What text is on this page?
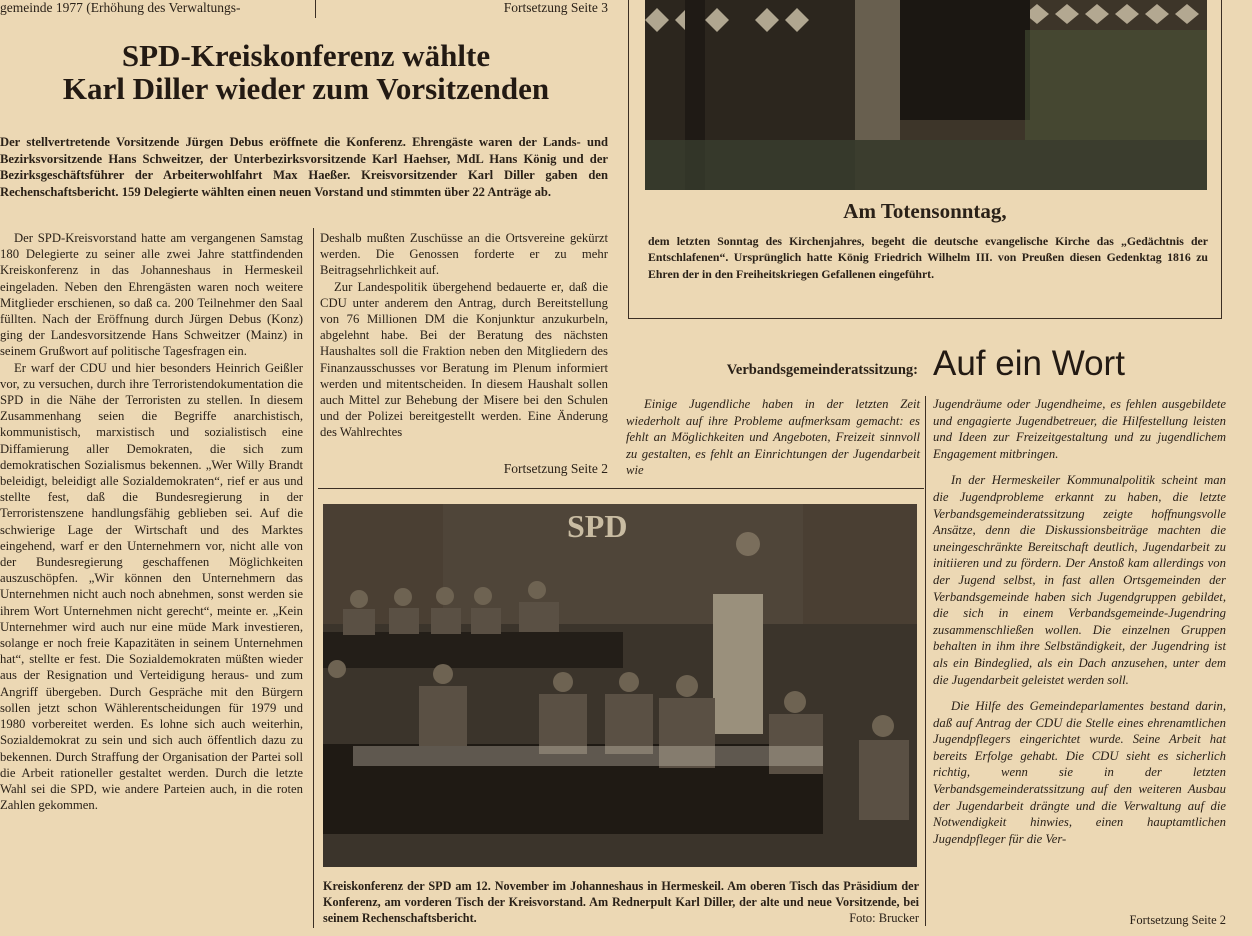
gemeinde 1977 (Erhöhung des Verwaltungs-	Fortsetzung Seite 3
SPD-Kreiskonferenz wählte
Karl Diller wieder zum Vorsitzenden
Der stellvertretende Vorsitzende Jürgen Debus eröffnete die Konferenz. Ehrengäste waren der Lands- und Bezirksvorsitzende Hans Schweitzer, der Unterbezirksvorsitzende Karl Haehser, MdL Hans König und der Bezirksgeschäftsführer der Arbeiterwohlfahrt Max Haeßer. Kreisvorsitzender Karl Diller gaben den Rechenschaftsbericht. 159 Delegierte wählten einen neuen Vorstand und stimmten über 22 Anträge ab.

Der SPD-Kreisvorstand hatte am vergangenen Samstag 180 Delegierte zu seiner alle zwei Jahre stattfindenden Kreiskonferenz in das Johanneshaus in Hermeskeil eingeladen. Neben den Ehrengästen waren noch weitere Mitglieder erschienen, so daß ca. 200 Teilnehmer den Saal füllten. Nach der Eröffnung durch Jürgen Debus (Konz) ging der Landesvorsitzende Hans Schweitzer (Mainz) in seinem Grußwort auf politische Tagesfragen ein.

Er warf der CDU und hier besonders Heinrich Geißler vor, zu versuchen, durch ihre Terroristendokumentation die SPD in die Nähe der Terroristen zu stellen. In diesem Zusammenhang seien die Begriffe anarchistisch, kommunistisch, marxistisch und sozialistisch eine Diffamierung aller Demokraten, die sich zum demokratischen Sozialismus bekennen. „Wer Willy Brandt beleidigt, beleidigt alle Sozialdemokraten“, rief er aus und stellte fest, daß die Bundesregierung in der Terroristenszene handlungsfähig geblieben sei. Auf die schwierige Lage der Wirtschaft und des Marktes eingehend, warf er den Unternehmern vor, nicht alle von der Bundesregierung geschaffenen Möglichkeiten auszuschöpfen. „Wir können den Unternehmern das Unternehmen nicht auch noch abnehmen, sonst werden sie ihrem Wort Unternehmen nicht gerecht“, meinte er. „Kein Unternehmer wird auch nur eine müde Mark investieren, solange er noch freie Kapazitäten in seinem Unternehmen hat“, stellte er fest. Die Sozialdemokraten müßten wieder aus der Resignation und Verteidigung heraus- und zum Angriff übergeben. Durch Gespräche mit den Bürgern sollen jetzt schon Wählerentscheidungen für 1979 und 1980 vorbereitet werden. Es lohne sich auch weiterhin, Sozialdemokrat zu sein und sich auch öffentlich dazu zu bekennen. Durch Straffung der Organisation der Partei soll die Arbeit rationeller gestaltet werden. Durch die letzte Wahl sei die SPD, wie andere Parteien auch, in die roten Zahlen gekommen.

Deshalb mußten Zuschüsse an die Ortsvereine gekürzt werden. Die Genossen forderte er zu mehr Beitragsehrlichkeit auf.

Zur Landespolitik übergehend bedauerte er, daß die CDU unter anderem den Antrag, durch Bereitstellung von 76 Millionen DM die Konjunktur anzukurbeln, abgelehnt habe. Bei der Beratung des nächsten Haushaltes soll die Fraktion neben den Mitgliedern des Finanzausschusses vor Beratung im Plenum informiert werden und mitentscheiden. In diesem Haushalt sollen auch Mittel zur Behebung der Misere bei den Schulen und der Polizei bereitgestellt werden. Eine Änderung des Wahlrechtes

Fortsetzung Seite 2
Am Totensonntag,
dem letzten Sonntag des Kirchenjahres, begeht die deutsche evangelische Kirche das „Gedächtnis der Entschlafenen“. Ursprünglich hatte König Friedrich Wilhelm III. von Preußen diesen Gedenktag 1816 zu Ehren der in den Freiheitskriegen Gefallenen eingeführt.
Verbandsgemeinderatssitzung: Auf ein Wort

Einige Jugendliche haben in der letzten Zeit wiederholt auf ihre Probleme aufmerksam gemacht: es fehlt an Möglichkeiten und Angeboten, Freizeit sinnvoll zu gestalten, es fehlt an Einrichtungen der Jugendarbeit wie

Jugendräume oder Jugendheime, es fehlen ausgebildete und engagierte Jugendbetreuer, die Hilfestellung leisten und Ideen zur Freizeitgestaltung und zu jugendlichem Engagement mitbringen.

In der Hermeskeiler Kommunalpolitik scheint man die Jugendprobleme erkannt zu haben, die letzte Verbandsgemeinderatssitzung zeigte hoffnungsvolle Ansätze, denn die Diskussionsbeiträge machten die uneingeschränkte Bereitschaft deutlich, Jugendarbeit zu initiieren und zu fördern. Der Anstoß kam allerdings von der Jugend selbst, in fast allen Ortsgemeinden der Verbandsgemeinde haben sich Jugendgruppen gebildet, die sich in einem Verbandsgemeinde-Jugendring zusammenschließen wollen. Die einzelnen Gruppen behalten in ihm ihre Selbständigkeit, der Jugendring ist als ein Bindeglied, als ein Dach anzusehen, unter dem die Jugendarbeit geleistet werden soll.

Die Hilfe des Gemeindeparlamentes bestand darin, daß auf Antrag der CDU die Stelle eines ehrenamtlichen Jugendpflegers eingerichtet wurde. Seine Arbeit hat bereits Erfolge gehabt. Die CDU sieht es sicherlich richtig, wenn sie in der letzten Verbandsgemeinderatssitzung auf den weiteren Ausbau der Jugendarbeit drängte und die Verwaltung auf die Notwendigkeit hinwies, einen hauptamtlichen Jugendpfleger für die Ver-

Fortsetzung Seite 2
SPD
Kreiskonferenz der SPD am 12. November im Johanneshaus in Hermeskeil. Am oberen Tisch das Präsidium der Konferenz, am vorderen Tisch der Kreisvorstand. Am Rednerpult Karl Diller, der alte und neue Vorsitzende, bei seinem Rechenschaftsbericht.	Foto: Brucker
